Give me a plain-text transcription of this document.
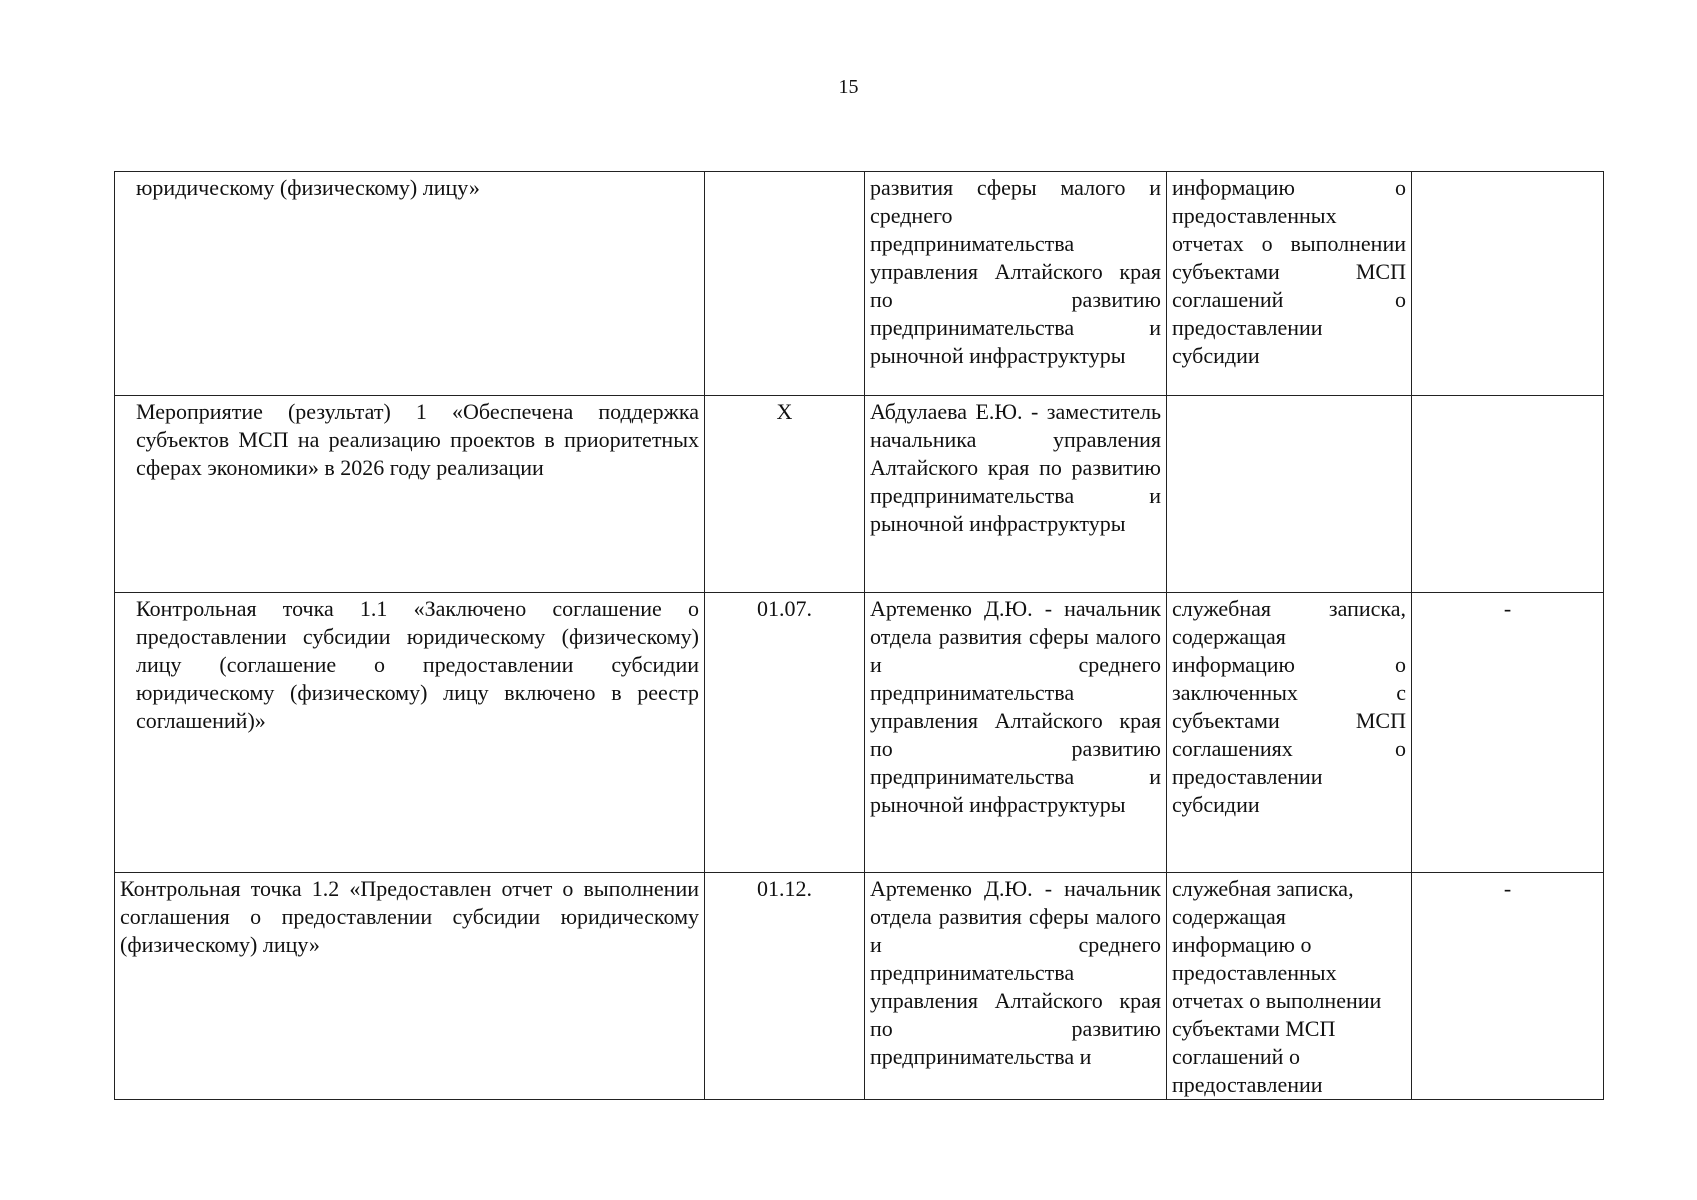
15
юридическому (физическому) лицу»		развития сферы малого и среднего предпринимательства управления Алтайского края по развитию предпринимательства и рыночной инфраструктуры	информацию о предоставленных отчетах о выполнении субъектами МСП соглашений о предоставлении субсидии	

Мероприятие (результат) 1 «Обеспечена поддержка субъектов МСП на реализацию проектов в приоритетных сферах экономики» в 2026 году реализации	X	Абдулаева Е.Ю. - заместитель начальника управления Алтайского края по развитию предпринимательства и рыночной инфраструктуры		

Контрольная точка 1.1 «Заключено соглашение о предоставлении субсидии юридическому (физическому) лицу (соглашение о предоставлении субсидии юридическому (физическому) лицу включено в реестр соглашений)»	01.07.	Артеменко Д.Ю. - начальник отдела развития сферы малого и среднего предпринимательства управления Алтайского края по развитию предпринимательства и рыночной инфраструктуры	служебная записка, содержащая информацию о заключенных с субъектами МСП соглашениях о предоставлении субсидии	-

Контрольная точка 1.2 «Предоставлен отчет о выполнении соглашения о предоставлении субсидии юридическому (физическому) лицу»	01.12.	Артеменко Д.Ю. - начальник отдела развития сферы малого и среднего предпринимательства управления Алтайского края по развитию предпринимательства и	служебная записка, содержащая информацию о предоставленных отчетах о выполнении субъектами МСП соглашений о предоставлении	-
